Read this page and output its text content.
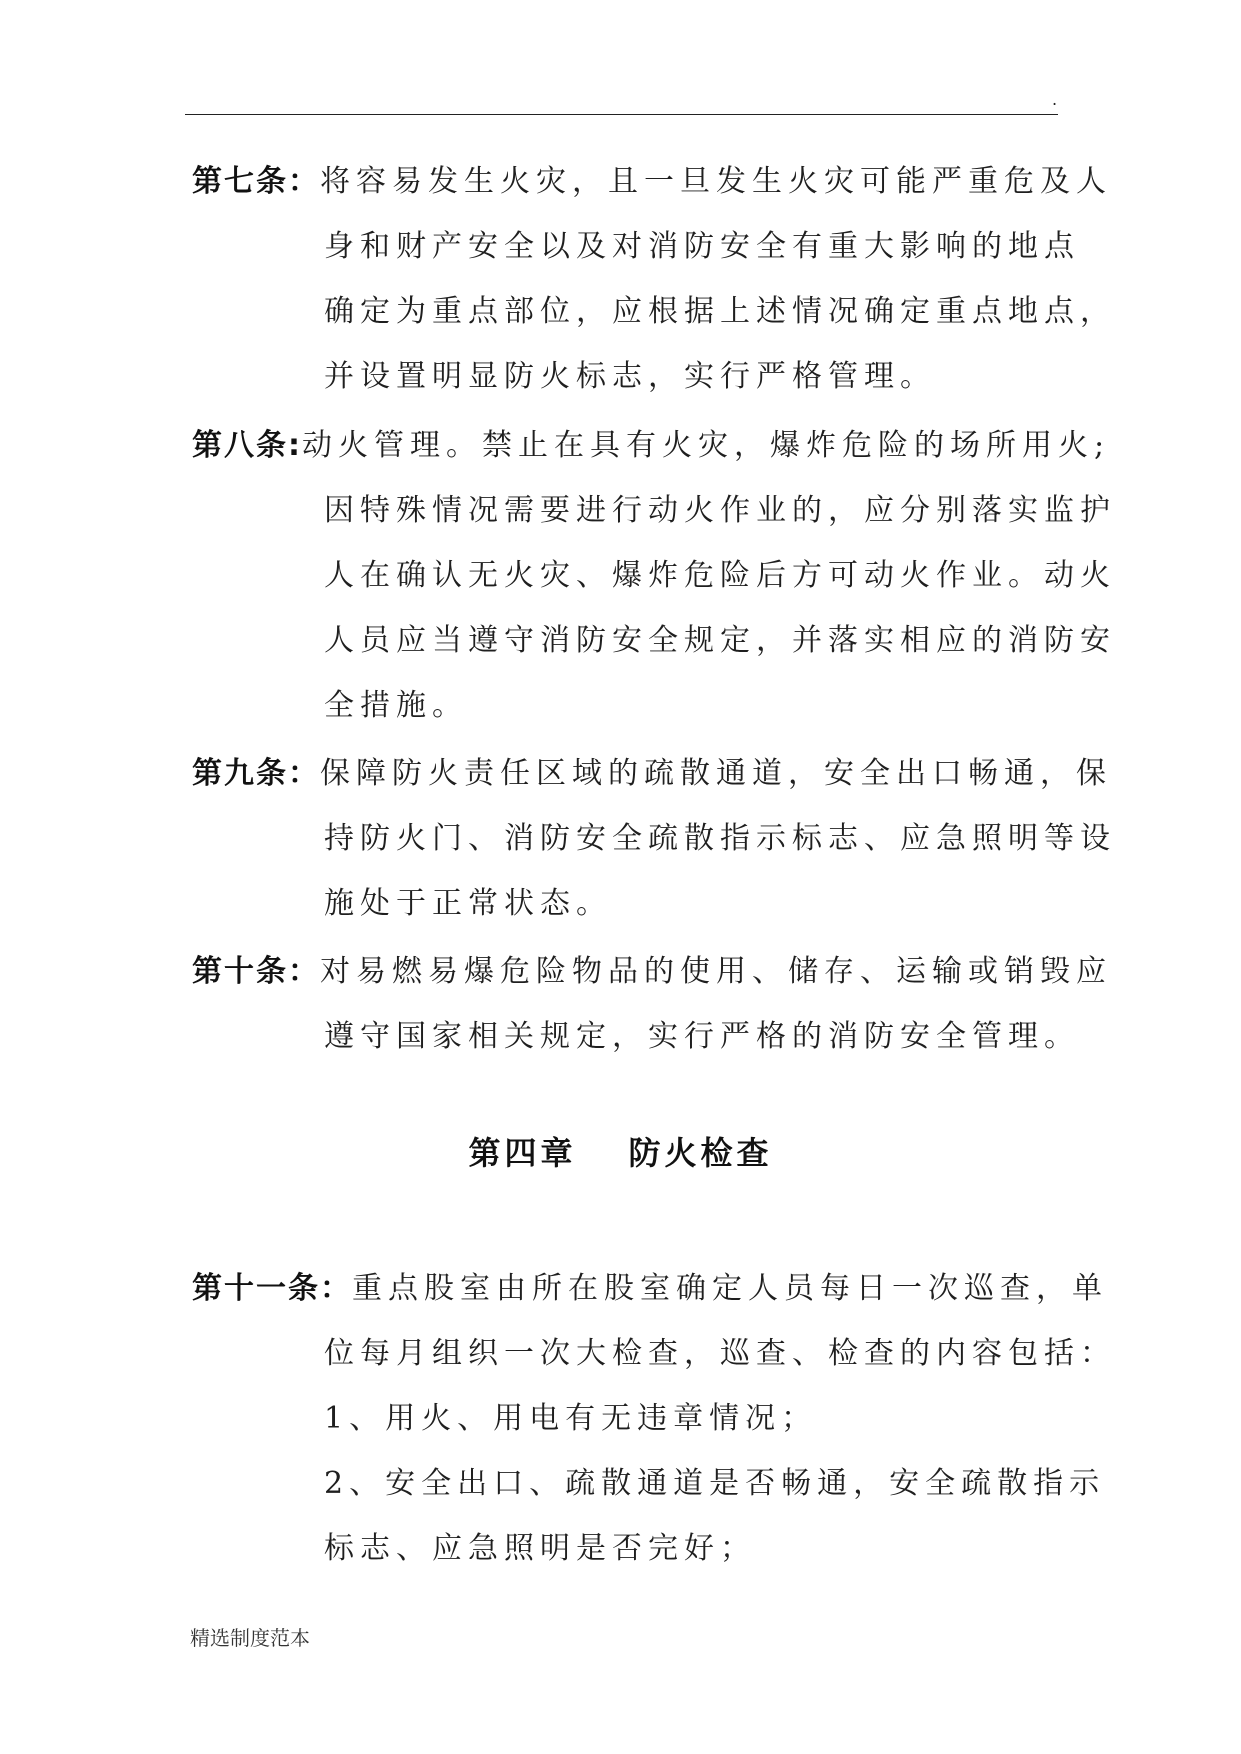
.
第七条：将容易发生火灾，且一旦发生火灾可能严重危及人
身和财产安全以及对消防安全有重大影响的地点
确定为重点部位，应根据上述情况确定重点地点，
并设置明显防火标志，实行严格管理。
第八条:动火管理。禁止在具有火灾，爆炸危险的场所用火;
因特殊情况需要进行动火作业的，应分别落实监护
人在确认无火灾、爆炸危险后方可动火作业。动火
人员应当遵守消防安全规定，并落实相应的消防安
全措施。
第九条：保障防火责任区域的疏散通道，安全出口畅通，保
持防火门、消防安全疏散指示标志、应急照明等设
施处于正常状态。
第十条：对易燃易爆危险物品的使用、储存、运输或销毁应
遵守国家相关规定，实行严格的消防安全管理。
第四章 防火检查
第十一条：重点股室由所在股室确定人员每日一次巡查，单
位每月组织一次大检查，巡查、检查的内容包括：
1、用火、用电有无违章情况；
2、安全出口、疏散通道是否畅通，安全疏散指示
标志、应急照明是否完好；
精选制度范本
